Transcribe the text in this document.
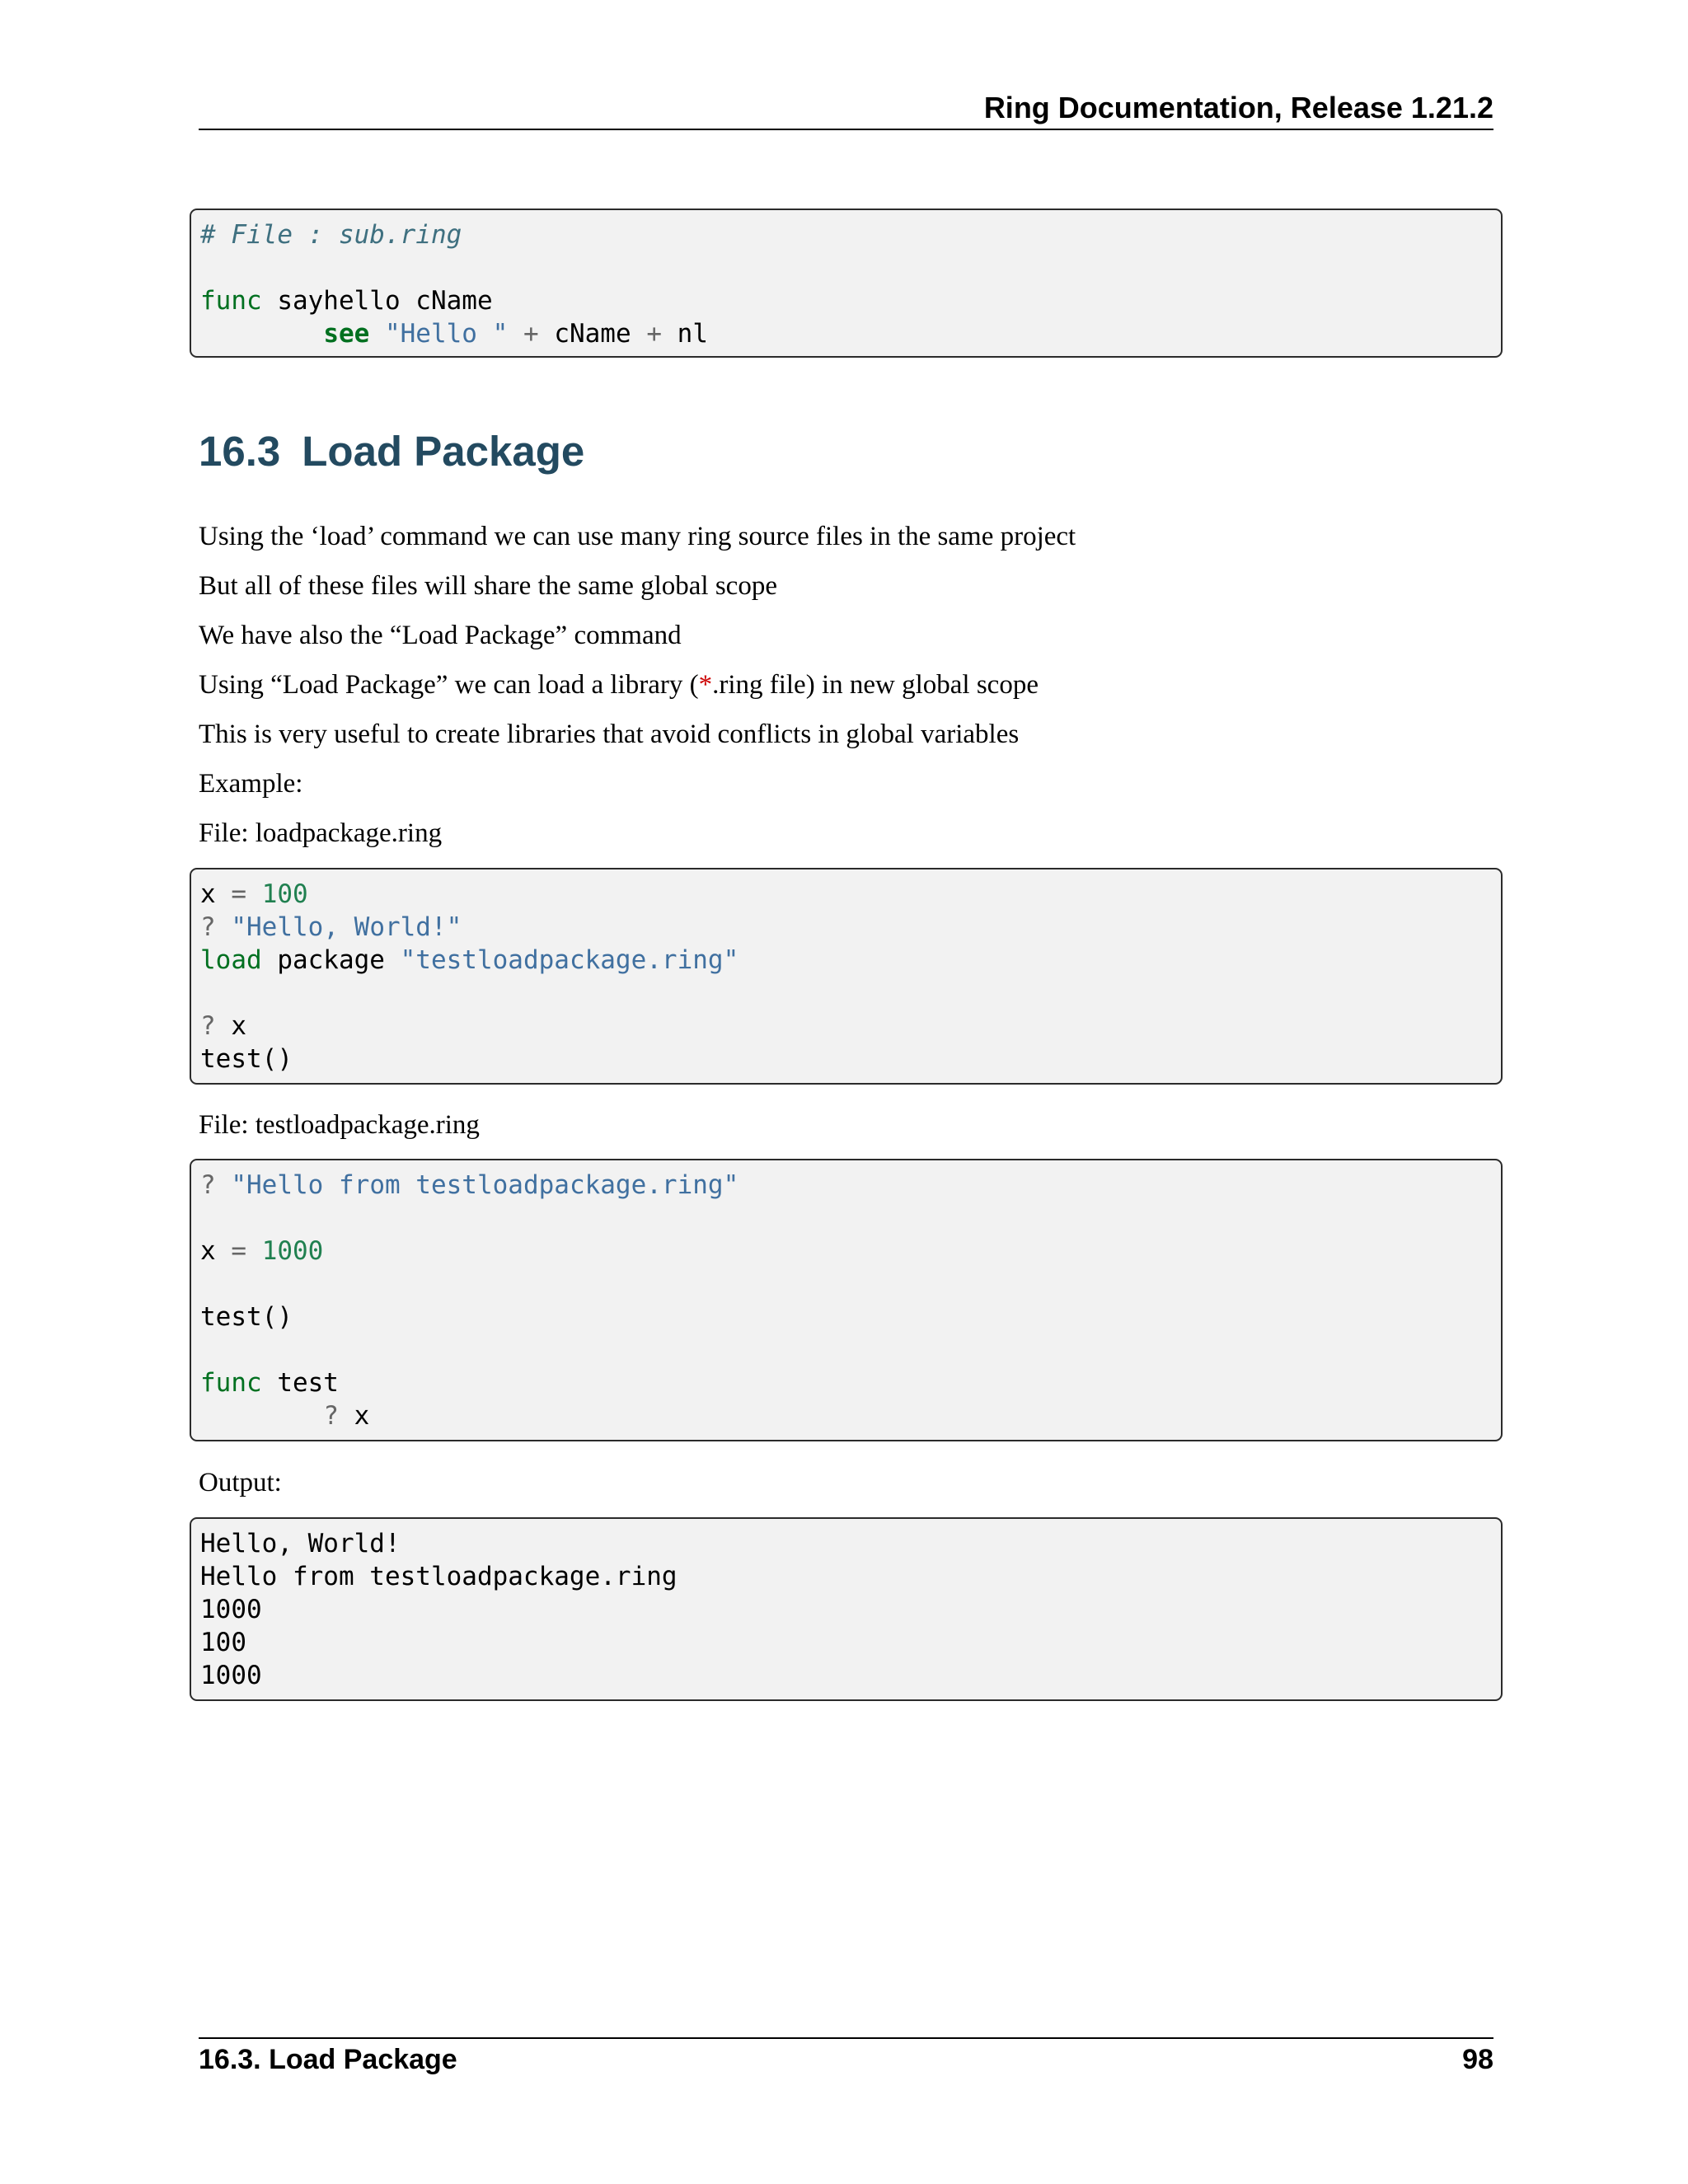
Ring Documentation, Release 1.21.2
# File : sub.ring
func sayhello cName
see "Hello " + cName + nl
16.3 Load Package
Using the ‘load’ command we can use many ring source files in the same project
But all of these files will share the same global scope
We have also the “Load Package” command
Using “Load Package” we can load a library (*.ring file) in new global scope
This is very useful to create libraries that avoid conflicts in global variables
Example:
File: loadpackage.ring
x = 100
? "Hello, World!"
load package "testloadpackage.ring"
? x
test()
File: testloadpackage.ring
? "Hello from testloadpackage.ring"
x = 1000
test()
func test
? x
Output:
Hello, World!
Hello from testloadpackage.ring
1000
100
1000
16.3. Load Package	98
